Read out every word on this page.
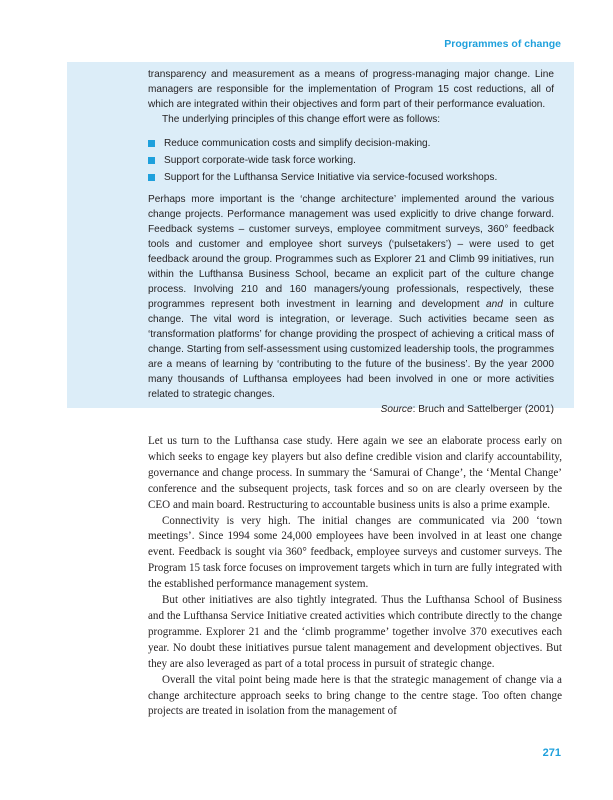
Programmes of change

transparency and measurement as a means of progress-managing major change. Line managers are responsible for the implementation of Program 15 cost reductions, all of which are integrated within their objectives and form part of their performance evaluation.

The underlying principles of this change effort were as follows:

Reduce communication costs and simplify decision-making.
Support corporate-wide task force working.
Support for the Lufthansa Service Initiative via service-focused workshops.

Perhaps more important is the ‘change architecture’ implemented around the various change projects. Performance management was used explicitly to drive change forward. Feedback systems – customer surveys, employee commitment surveys, 360° feedback tools and customer and employee short surveys (‘pulsetakers’) – were used to get feedback around the group. Programmes such as Explorer 21 and Climb 99 initiatives, run within the Lufthansa Business School, became an explicit part of the culture change process. Involving 210 and 160 managers/young professionals, respectively, these programmes represent both investment in learning and development and in culture change. The vital word is integration, or leverage. Such activities became seen as ‘transformation platforms’ for change providing the prospect of achieving a critical mass of change. Starting from self-assessment using customized leadership tools, the programmes are a means of learning by ‘contributing to the future of the business’. By the year 2000 many thousands of Lufthansa employees had been involved in one or more activities related to strategic changes.

Source: Bruch and Sattelberger (2001)

Let us turn to the Lufthansa case study. Here again we see an elaborate process early on which seeks to engage key players but also define credible vision and clarify accountability, governance and change process. In summary the ‘Samurai of Change’, the ‘Mental Change’ conference and the subsequent projects, task forces and so on are clearly overseen by the CEO and main board. Restructuring to accountable business units is also a prime example.

Connectivity is very high. The initial changes are communicated via 200 ‘town meetings’. Since 1994 some 24,000 employees have been involved in at least one change event. Feedback is sought via 360° feedback, employee surveys and customer surveys. The Program 15 task force focuses on improvement targets which in turn are fully integrated with the established performance management system.

But other initiatives are also tightly integrated. Thus the Lufthansa School of Business and the Lufthansa Service Initiative created activities which contribute directly to the change programme. Explorer 21 and the ‘climb programme’ together involve 370 executives each year. No doubt these initiatives pursue talent management and development objectives. But they are also leveraged as part of a total process in pursuit of strategic change.

Overall the vital point being made here is that the strategic management of change via a change architecture approach seeks to bring change to the centre stage. Too often change projects are treated in isolation from the management of

271
